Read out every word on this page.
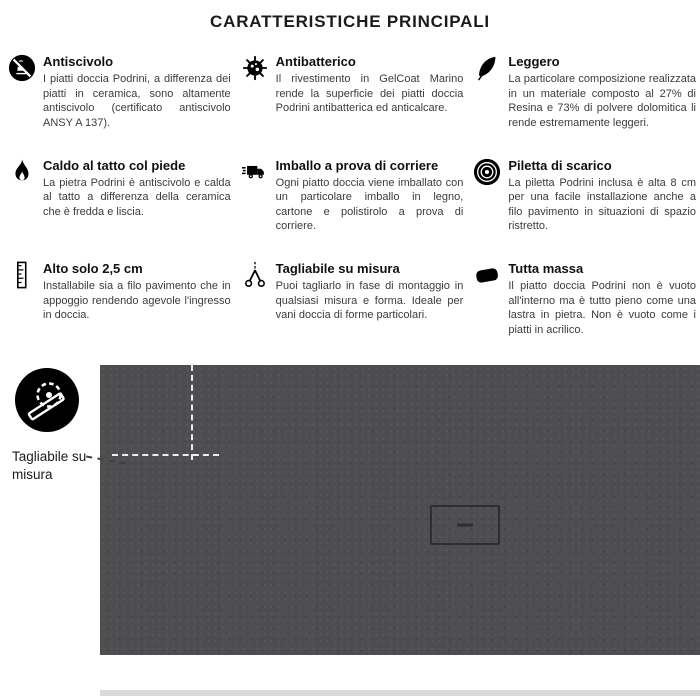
CARATTERISTICHE PRINCIPALI
Antiscivolo
I piatti doccia Podrini, a differenza dei piatti in ceramica, sono altamente antiscivolo (certificato antiscivolo ANSY A 137).
Antibatterico
Il rivestimento in GelCoat Marino rende la superficie dei piatti doccia Podrini antibatterica ed anticalcare.
Leggero
La particolare composizione realizzata in un materiale composto al 27% di Resina e 73% di polvere dolomitica li rende estremamente leggeri.
Caldo al tatto col piede
La pietra Podrini è antiscivolo e calda al tatto a differenza della ceramica che è fredda e liscia.
Imballo a prova di corriere
Ogni piatto doccia viene imballato con un particolare imballo in legno, cartone e polistirolo a prova di corriere.
Piletta di scarico
La piletta Podrini inclusa è alta 8 cm per una facile installazione anche a filo pavimento in situazioni di spazio ristretto.
Alto solo 2,5 cm
Installabile sia a filo pavimento che in appoggio rendendo agevole l'ingresso in doccia.
Tagliabile su misura
Puoi tagliarlo in fase di montaggio in qualsiasi misura e forma. Ideale per vani doccia di forme particolari.
Tutta massa
Il piatto doccia Podrini non è vuoto all'interno ma è tutto pieno come una lastra in pietra. Non è vuoto come i piatti in acrilico.
Tagliabile su misura
